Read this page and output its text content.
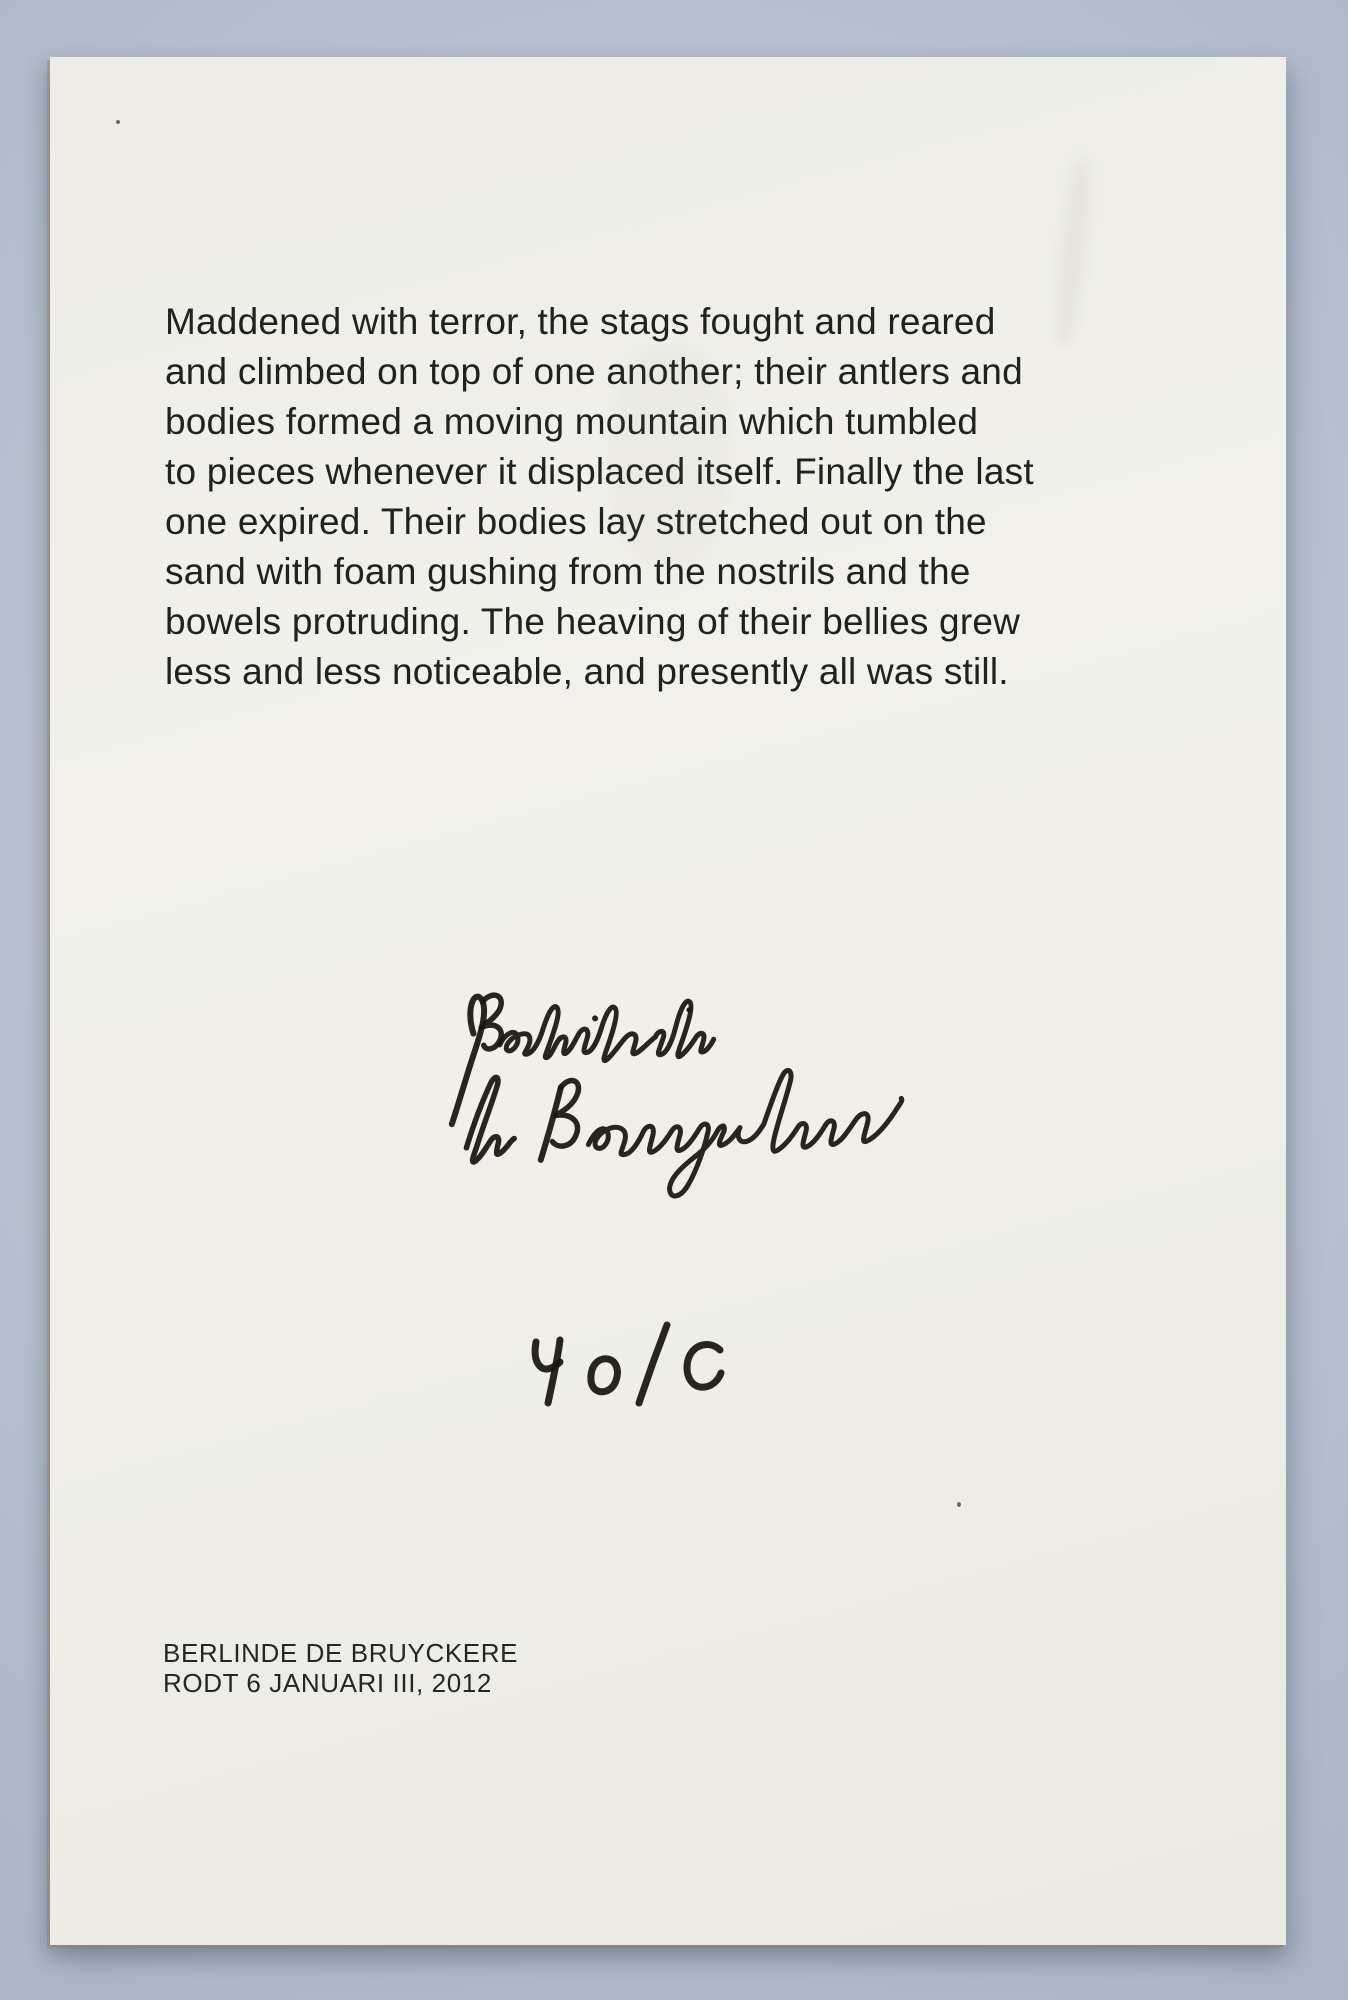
Maddened with terror, the stags fought and reared
and climbed on top of one another; their antlers and
bodies formed a moving mountain which tumbled
to pieces whenever it displaced itself. Finally the last
one expired. Their bodies lay stretched out on the
sand with foam gushing from the nostrils and the
bowels protruding. The heaving of their bellies grew
less and less noticeable, and presently all was still.
BERLINDE DE BRUYCKERE
RODT 6 JANUARI III, 2012
